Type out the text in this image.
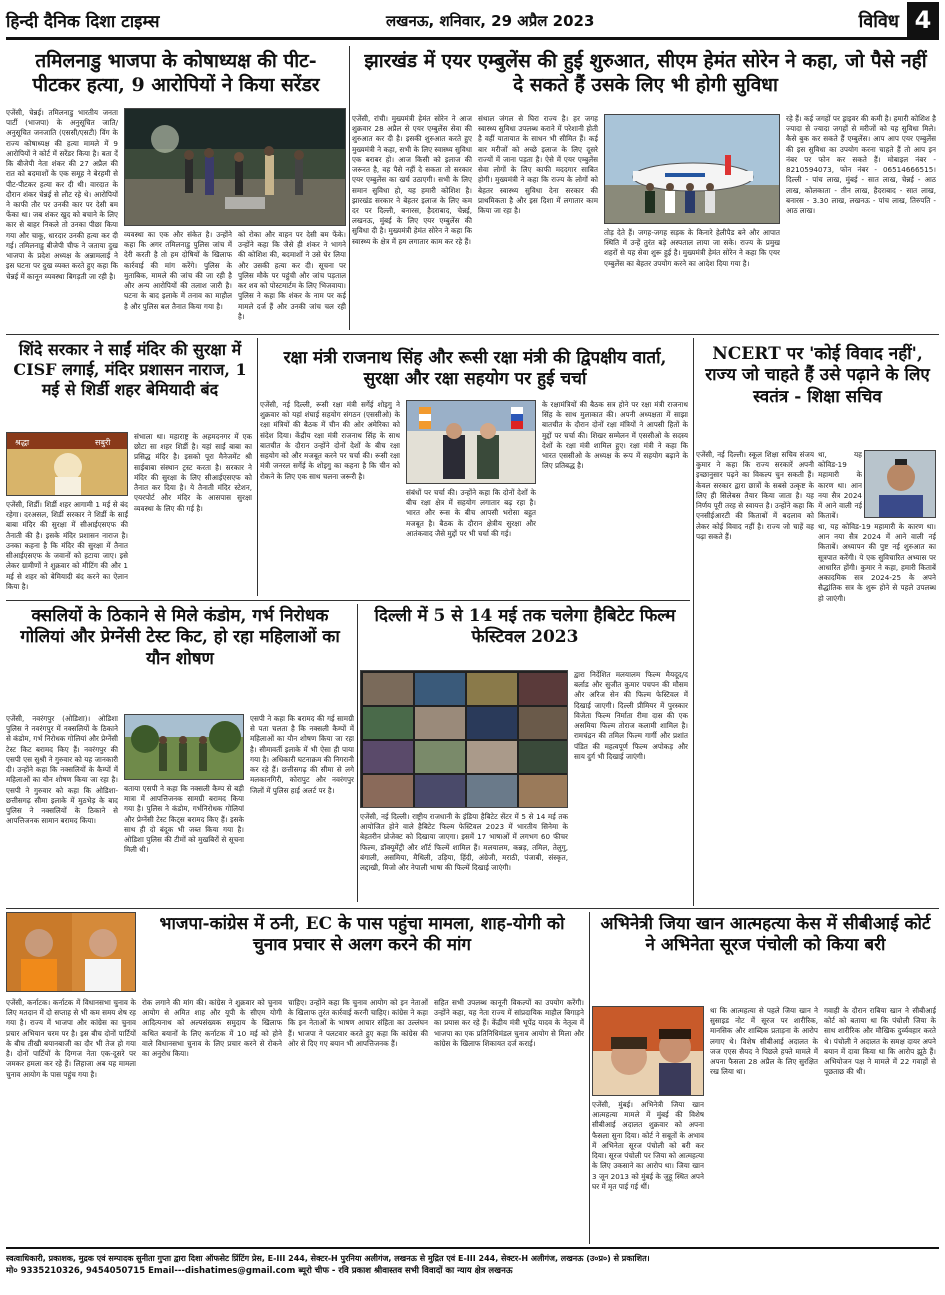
हिन्दी दैनिक दिशा टाइम्स	लखनऊ, शनिवार, 29 अप्रैल 2023	विविध 4
तमिलनाडु भाजपा के कोषाध्यक्ष की पीट-पीटकर हत्या, 9 आरोपियों ने किया सरेंडर
एजेंसी, चेन्नई। तमिलनाडु भारतीय जनता पार्टी (भाजपा) के अनुसूचित जाति/अनुसूचित जनजाति (एससी/एसटी) विंग के राज्य कोषाध्यक्ष की हत्या मामले में 9 आरोपियों ने कोर्ट में सरेंडर किया है। बता दें कि बीजेपी नेता शंकर की 27 अप्रैल की रात को बदमाशों के एक समूह ने बेरहमी से पीट-पीटकर हत्या कर दी थी। वारदात के दौरान शंकर चेन्नई से लौट रहे थे। आरोपियों ने काफी तौर पर उनकी कार पर देसी बम फेंका था। जब शंकर खुद को बचाने के लिए कार से बाहर निकले तो उनका पीछा किया गया और चाकू, धारदार उनकी हत्या कर दी गई। तमिलनाडु बीजेपी चीफ ने जताया दुख भाजपा के प्रदेश अध्यक्ष के अन्नामलाई ने इस घटना पर दुख व्यक्त करते हुए कहा कि चेन्नई में कानून व्यवस्था बिगड़ती जा रही है।
व्यवस्था का एक और संकेत है। उन्होंने कहा कि अगर तमिलनाडु पुलिस जांच में देरी करती है तो हम दोषियों के खिलाफ कार्रवाई की मांग करेंगे। पुलिस के मुताबिक, मामले की जांच की जा रही है और अन्य आरोपियों की तलाश जारी है। घटना के बाद इलाके में तनाव का माहौल है और पुलिस बल तैनात किया गया है।
को रोका और वाहन पर देसी बम फेंके। उन्होंने कहा कि जैसे ही शंकर ने भागने की कोशिश की, बदमाशों ने उसे घेर लिया और उसकी हत्या कर दी। सूचना पर पुलिस मौके पर पहुंची और जांच पड़ताल कर शव को पोस्टमार्टम के लिए भिजवाया। पुलिस ने कहा कि शंकर के नाम पर कई मामले दर्ज हैं और उनकी जांच चल रही है।
झारखंड में एयर एम्बुलेंस की हुई शुरुआत, सीएम हेमंत सोरेन ने कहा, जो पैसे नहीं दे सकते हैं उसके लिए भी होगी सुविधा
एजेंसी, रांची। मुख्यमंत्री हेमंत सोरेन ने आज शुक्रवार 28 अप्रैल से एयर एम्बुलेंस सेवा की शुरुआत कर दी है। इसकी शुरुआत करते हुए मुख्यमंत्री ने कहा, सभी के लिए स्वास्थ्य सुविधा एक बराबर हो। आज किसी को इलाज की जरूरत है, वह पैसे नहीं दे सकता तो सरकार एयर एम्बुलेंस का खर्च उठाएगी। सभी के लिए समान सुविधा हो, यह हमारी कोशिश है। झारखंड सरकार ने बेहतर इलाज के लिए कम दर पर दिल्ली, बनारस, हैदराबाद, चेन्नई, लखनऊ, मुंबई के लिए एयर एम्बुलेंस की सुविधा दी है। मुख्यमंत्री हेमंत सोरेन ने कहा कि स्वास्थ्य के क्षेत्र में हम लगातार काम कर रहे हैं।
संथाल जंगल से घिरा राज्य है। हर जगह स्वास्थ्य सुविधा उपलब्ध कराने में परेशानी होती है वहीं यातायात के साधन भी सीमित हैं। कई बार मरीजों को अच्छे इलाज के लिए दूसरे राज्यों में जाना पड़ता है। ऐसे में एयर एम्बुलेंस सेवा लोगों के लिए काफी मददगार साबित होगी। मुख्यमंत्री ने कहा कि राज्य के लोगों को बेहतर स्वास्थ्य सुविधा देना सरकार की प्राथमिकता है और इस दिशा में लगातार काम किया जा रहा है।
तोड़ देते हैं। जगह-जगह सड़क के किनारे हेलीपैड बने और आपात स्थिति में उन्हें तुरंत बड़े अस्पताल लाया जा सके। राज्य के प्रमुख शहरों से यह सेवा शुरू हुई है। मुख्यमंत्री हेमंत सोरेन ने कहा कि एयर एम्बुलेंस का बेहतर उपयोग करने का आदेश दिया गया है।
रहे हैं। कई जगहों पर ड्राइवर की कमी है। हमारी कोशिश है ज्यादा से ज्यादा जगहों से मरीजों को यह सुविधा मिले। कैसे बुक कर सकते हैं एम्बुलेंस। आप आप एयर एम्बुलेंस की इस सुविधा का उपयोग करना चाहते हैं तो आप इन नंबर पर फोन कर सकते हैं। मोबाइल नंबर - 8210594073, फोन नंबर - 06514666515। दिल्ली - पांच लाख, मुंबई - सात लाख, चेन्नई - आठ लाख, कोलकाता - तीन लाख, हैदराबाद - सात लाख, बनारस - 3.30 लाख, लखनऊ - पांच लाख, तिरुपति - आठ लाख।
शिंदे सरकार ने साईं मंदिर की सुरक्षा में CISF लगाई, मंदिर प्रशासन नाराज, 1 मई से शिर्डी शहर बेमियादी बंद
श्रद्धा	सबुरी
एजेंसी, शिर्डी। शिर्डी शहर आगामी 1 मई से बंद रहेगा। दरअसल, शिर्डी सरकार ने शिर्डी के साईं बाबा मंदिर की सुरक्षा में सीआईएसएफ की तैनाती की है। इसके मंदिर प्रशासन नाराज है। उनका कहना है कि मंदिर की सुरक्षा में तैनात सीआईएसएफ के जवानों को हटाया जाए। इसे लेकर ग्रामीणों ने शुक्रवार को मीटिंग की और 1 मई से शहर को बेमियादी बंद करने का ऐलान किया है।
संभाला था। महाराष्ट्र के अहमदनगर में एक छोटा सा शहर शिर्डी है। यहां साईं बाबा का प्रसिद्ध मंदिर है। इसको पूरा मैनेजमेंट श्री साईबाबा संस्थान ट्रस्ट करता है। सरकार ने मंदिर की सुरक्षा के लिए सीआईएसएफ को तैनात कर दिया है। ये तैनाती मंदिर स्टेशन, एयरपोर्ट और मंदिर के आसपास सुरक्षा व्यवस्था के लिए की गई है।
रक्षा मंत्री राजनाथ सिंह और रूसी रक्षा मंत्री की द्विपक्षीय वार्ता, सुरक्षा और रक्षा सहयोग पर हुई चर्चा
एजेंसी, नई दिल्ली, रूसी रक्षा मंत्री सर्गेई शोइगु ने शुक्रवार को यहां शंघाई सहयोग संगठन (एससीओ) के रक्षा मंत्रियों की बैठक में चीन की ओर अमेरिका को संदेश दिया। केंद्रीय रक्षा मंत्री राजनाथ सिंह के साथ बातचीत के दौरान उन्होंने दोनों देशों के बीच रक्षा सहयोग को और मजबूत करने पर चर्चा की। रूसी रक्षा मंत्री जनरल सर्गेई के शोइगु का कहना है कि चीन को रोकने के लिए एक साथ चलना जरूरी है।
संबंधों पर चर्चा की। उन्होंने कहा कि दोनों देशों के बीच रक्षा क्षेत्र में सहयोग लगातार बढ़ रहा है। भारत और रूस के बीच आपसी भरोसा बहुत मजबूत है। बैठक के दौरान क्षेत्रीय सुरक्षा और आतंकवाद जैसे मुद्दों पर भी चर्चा की गई।
के रक्षामंत्रियों की बैठक सत्र होने पर रक्षा मंत्री राजनाथ सिंह के साथ मुलाकात की। अपनी अध्यक्षता में साझा बातचीत के दौरान दोनों रक्षा मंत्रियों ने आपसी हितों के मुद्दों पर चर्चा की। शिखर सम्मेलन में एससीओ के सदस्य देशों के रक्षा मंत्री शामिल हुए। रक्षा मंत्री ने कहा कि भारत एससीओ के अध्यक्ष के रूप में सहयोग बढ़ाने के लिए प्रतिबद्ध है।
NCERT पर 'कोई विवाद नहीं', राज्य जो चाहते हैं उसे पढ़ाने के लिए स्वतंत्र - शिक्षा सचिव
एजेंसी, नई दिल्ली। स्कूल शिक्षा सचिव संजय कुमार ने कहा कि राज्य सरकारें अपनी इच्छानुसार पढ़ने का विकल्प चुन सकती हैं। केवल सरकार द्वारा छात्रों के सबसे उत्कृष्ट के लिए ही सिलेबस तैयार किया जाता है। यह निर्णय पूरी तरह से स्वायत्त है। उन्होंने कहा कि एनसीईआरटी की किताबों में बदलाव को लेकर कोई विवाद नहीं है। राज्य जो चाहें वह पढ़ा सकते हैं।
था, यह कोविड-19 महामारी के कारण था। आन नया सैत्र 2024 में आने वाली नई किताबें।
था, यह कोविड-19 महामारी के कारण था। आन नया सैत्र 2024 में आने वाली नई किताबें। अध्यापन की पुष्ट नई शुरुआत का सूत्रपात करेंगी। ये एक सुविचारित अभ्यास पर आधारित होंगी। कुमार ने कहा, हमारी किताबें अकादमिक सत्र 2024-25 के अपने सैद्धांतिक सत्र के शुरू होने से पहले उपलब्ध हो जाएंगी।
क्सलियों के ठिकाने से मिले कंडोम, गर्भ निरोधक गोलियां और प्रेग्नेंसी टेस्ट किट, हो रहा महिलाओं का यौन शोषण
एजेंसी, नवरंगपुर (ओडिशा)। ओडिशा पुलिस ने नवरंगपुर में नक्सलियों के ठिकाने से कंडोम, गर्भ निरोधक गोलियां और प्रेग्नेंसी टेस्ट किट बरामद किए हैं। नवरंगपुर की एसपी एस सुश्री ने गुरुवार को यह जानकारी दी। उन्होंने कहा कि नक्सलियों के कैम्पों में महिलाओं का यौन शोषण किया जा रहा है। एसपी ने गुरुवार को कहा कि ओडिशा-छत्तीसगढ़ सीमा इलाके में मुठभेड़ के बाद पुलिस ने नक्सलियों के ठिकाने से आपत्तिजनक सामान बरामद किया।
बताया एसपी ने कहा कि नक्सली कैम्प से बड़ी मात्रा में आपत्तिजनक सामग्री बरामद किया गया है। पुलिस ने कंडोम, गर्भनिरोधक गोलियां और प्रेग्नेंसी टेस्ट किट्स बरामद किए हैं। इसके साथ ही दो बंदूक भी जब्त किया गया है। ओडिशा पुलिस की टीमों को मुखबिरों से सूचना मिली थी।
एसपी ने कहा कि बरामद की गई सामग्री से पता चलता है कि नक्सली कैम्पों में महिलाओं का यौन शोषण किया जा रहा है। सीमावर्ती इलाके में भी ऐसा ही पाया गया है। अधिकारी घटनाक्रम की निगरानी कर रहे हैं। छत्तीसगढ़ की सीमा से लगे मलकानगिरी, कोरापुट और नवरंगपुर जिलों में पुलिस हाई अलर्ट पर है।
दिल्ली में 5 से 14 मई तक चलेगा हैबिटेट फिल्म फेस्टिवल 2023
एजेंसी, नई दिल्ली। राष्ट्रीय राजधानी के इंडिया हैबिटेट सेंटर में 5 से 14 मई तक आयोजित होने वाले हैबिटेट फिल्म फेस्टिवल 2023 में भारतीय सिनेमा के बेहतरीन प्रोजेक्ट को दिखाया जाएगा। इसमें 17 भाषाओं में लगभग 60 फीचर फिल्म, डॉक्यूमेंट्री और शॉर्ट फिल्में शामिल हैं। मलयालम, कन्नड़, तमिल, तेलुगु, बंगाली, असमिया, मैथिली, उड़िया, हिंदी, अंग्रेजी, मराठी, पंजाबी, संस्कृत, लद्दाखी, मिजो और नेपाली भाषा की फिल्में दिखाई जाएंगी।
द्वारा निर्देशित मलयालम फिल्म मैयदूद/द बर्लाड और सुजीत कुमार पचपन की मौसम और अरिज सेन की फिल्म फेस्टिवल में दिखाई जाएगी। दिल्ली प्रीमियर में पुरस्कार विजेता फिल्म निर्माता रीमा दास की एक असमिया फिल्म तोराज कलामी शामिल है। रामचंद्रन की तमिल फिल्म गार्गी और प्रशांत पंडित की महत्वपूर्ण फिल्म अपोकड़ और साय दुर्ग भी दिखाई जाएंगी।
भाजपा-कांग्रेस में ठनी, EC के पास पहुंचा मामला, शाह-योगी को चुनाव प्रचार से अलग करने की मांग
एजेंसी, कर्नाटक। कर्नाटक में विधानसभा चुनाव के लिए मतदान में दो सप्ताह से भी कम समय शेष रह गया है। राज्य में भाजपा और कांग्रेस का चुनाव प्रचार अभियान चरम पर है। इस बीच दोनों पार्टियों के बीच तीखी बयानबाजी का दौर भी तेज हो गया है। दोनों पार्टियों के दिग्गज नेता एक-दूसरे पर जमकर हमला कर रहे हैं। लिहाजा अब यह मामला चुनाव आयोग के पास पहुंच गया है।
रोक लगाने की मांग की। कांग्रेस ने शुक्रवार को चुनाव आयोग से अमित शाह और यूपी के सीएम योगी आदित्यनाथ को अल्पसंख्यक समुदाय के खिलाफ कथित बयानों के लिए कर्नाटक में 10 मई को होने वाले विधानसभा चुनाव के लिए प्रचार करने से रोकने का अनुरोध किया।
चाहिए। उन्होंने कहा कि चुनाव आयोग को इन नेताओं के खिलाफ तुरंत कार्रवाई करनी चाहिए। कांग्रेस ने कहा कि इन नेताओं के भाषण आचार संहिता का उल्लंघन हैं। भाजपा ने पलटवार करते हुए कहा कि कांग्रेस की ओर से दिए गए बयान भी आपत्तिजनक हैं।
सहित सभी उपलब्ध कानूनी विकल्पों का उपयोग करेंगी। उन्होंने कहा, यह नेता राज्य में सांप्रदायिक माहौल बिगाड़ने का प्रयास कर रहे हैं। केंद्रीय मंत्री भूपेंद्र यादव के नेतृत्व में भाजपा का एक प्रतिनिधिमंडल चुनाव आयोग से मिला और कांग्रेस के खिलाफ शिकायत दर्ज कराई।
अभिनेत्री जिया खान आत्महत्या केस में सीबीआई कोर्ट ने अभिनेता सूरज पंचोली को किया बरी
एजेंसी, मुंबई। अभिनेत्री जिया खान आत्महत्या मामले में मुंबई की विशेष सीबीआई अदालत शुक्रवार को अपना फैसला सुना दिया। कोर्ट ने सबूतों के अभाव में अभिनेता सूरज पंचोली को बरी कर दिया। सूरज पंचोली पर जिया को आत्महत्या के लिए उकसाने का आरोप था। जिया खान 3 जून 2013 को मुंबई के जुहू स्थित अपने घर में मृत पाई गई थीं।
था कि आत्महत्या से पहले जिया खान ने सुसाइड नोट में सूरज पर शारीरिक, मानसिक और शाब्दिक प्रताड़ना के आरोप लगाए थे। विशेष सीबीआई अदालत के जज एएस सैयद ने पिछले हफ्ते मामले में अपना फैसला 28 अप्रैल के लिए सुरक्षित रख लिया था।
गवाही के दौरान राबिया खान ने सीबीआई कोर्ट को बताया था कि पंचोली जिया के साथ शारीरिक और मौखिक दुर्व्यवहार करते थे। पंचोली ने अदालत के समक्ष दायर अपने बयान में दावा किया था कि आरोप झूठे हैं। अभियोजन पक्ष ने मामले में 22 गवाहों से पूछताछ की थी।
स्वत्वाधिकारी, प्रकाशक, मुद्रक एवं सम्पादक सुनीता गुप्ता द्वारा दिशा ऑफसेट प्रिंटिंग प्रेस, E-III 244, सेक्टर-H पुरनिया अलीगंज, लखनऊ से मुद्रित एवं E-III 244, सेक्टर-H अलीगंज, लखनऊ (उ०प्र०) से प्रकाशित।
मो० 9335210326, 9454050715 Email---dishatimes@gmail.com ब्यूरो चीफ - रवि प्रकाश श्रीवास्तव सभी विवादों का न्याय क्षेत्र लखनऊ
